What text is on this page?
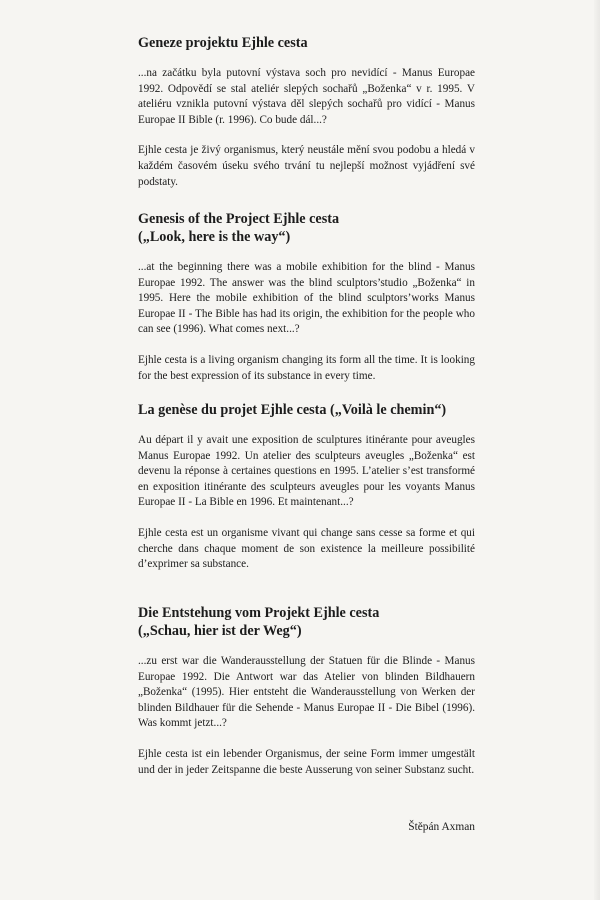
Geneze projektu Ejhle cesta

...na začátku byla putovní výstava soch pro nevidící - Manus Europae 1992. Odpovědí se stal ateliér slepých sochařů „Boženka“ v r. 1995. V ateliéru vznikla putovní výstava děl slepých sochařů pro vidící - Manus Europae II Bible (r. 1996). Co bude dál...?

Ejhle cesta je živý organismus, který neustále mění svou podobu a hledá v každém časovém úseku svého trvání tu nejlepší možnost vyjádření své podstaty.

Genesis of the Project Ejhle cesta
(„Look, here is the way“)

...at the beginning there was a mobile exhibition for the blind - Manus Europae 1992. The answer was the blind sculptors’studio „Boženka“ in 1995. Here the mobile exhibition of the blind sculptors’works Manus Europae II - The Bible has had its origin, the exhibition for the people who can see (1996). What comes next...?

Ejhle cesta is a living organism changing its form all the time. It is looking for the best expression of its substance in every time.

La genèse du projet Ejhle cesta („Voilà le chemin“)

Au départ il y avait une exposition de sculptures itinérante pour aveugles Manus Europae 1992. Un atelier des sculpteurs aveugles „Boženka“ est devenu la réponse à certaines questions en 1995. L’atelier s’est transformé en exposition itinérante des sculpteurs aveugles pour les voyants Manus Europae II - La Bible en 1996. Et maintenant...?

Ejhle cesta est un organisme vivant qui change sans cesse sa forme et qui cherche dans chaque moment de son existence la meilleure possibilité d’exprimer sa substance.

Die Entstehung vom Projekt Ejhle cesta
(„Schau, hier ist der Weg“)

...zu erst war die Wanderausstellung der Statuen für die Blinde - Manus Europae 1992. Die Antwort war das Atelier von blinden Bildhauern „Boženka“ (1995). Hier entsteht die Wanderausstellung von Werken der blinden Bildhauer für die Sehende - Manus Europae II - Die Bibel (1996). Was kommt jetzt...?

Ejhle cesta ist ein lebender Organismus, der seine Form immer umgestält und der in jeder Zeitspanne die beste Ausserung von seiner Substanz sucht.

Štěpán Axman
